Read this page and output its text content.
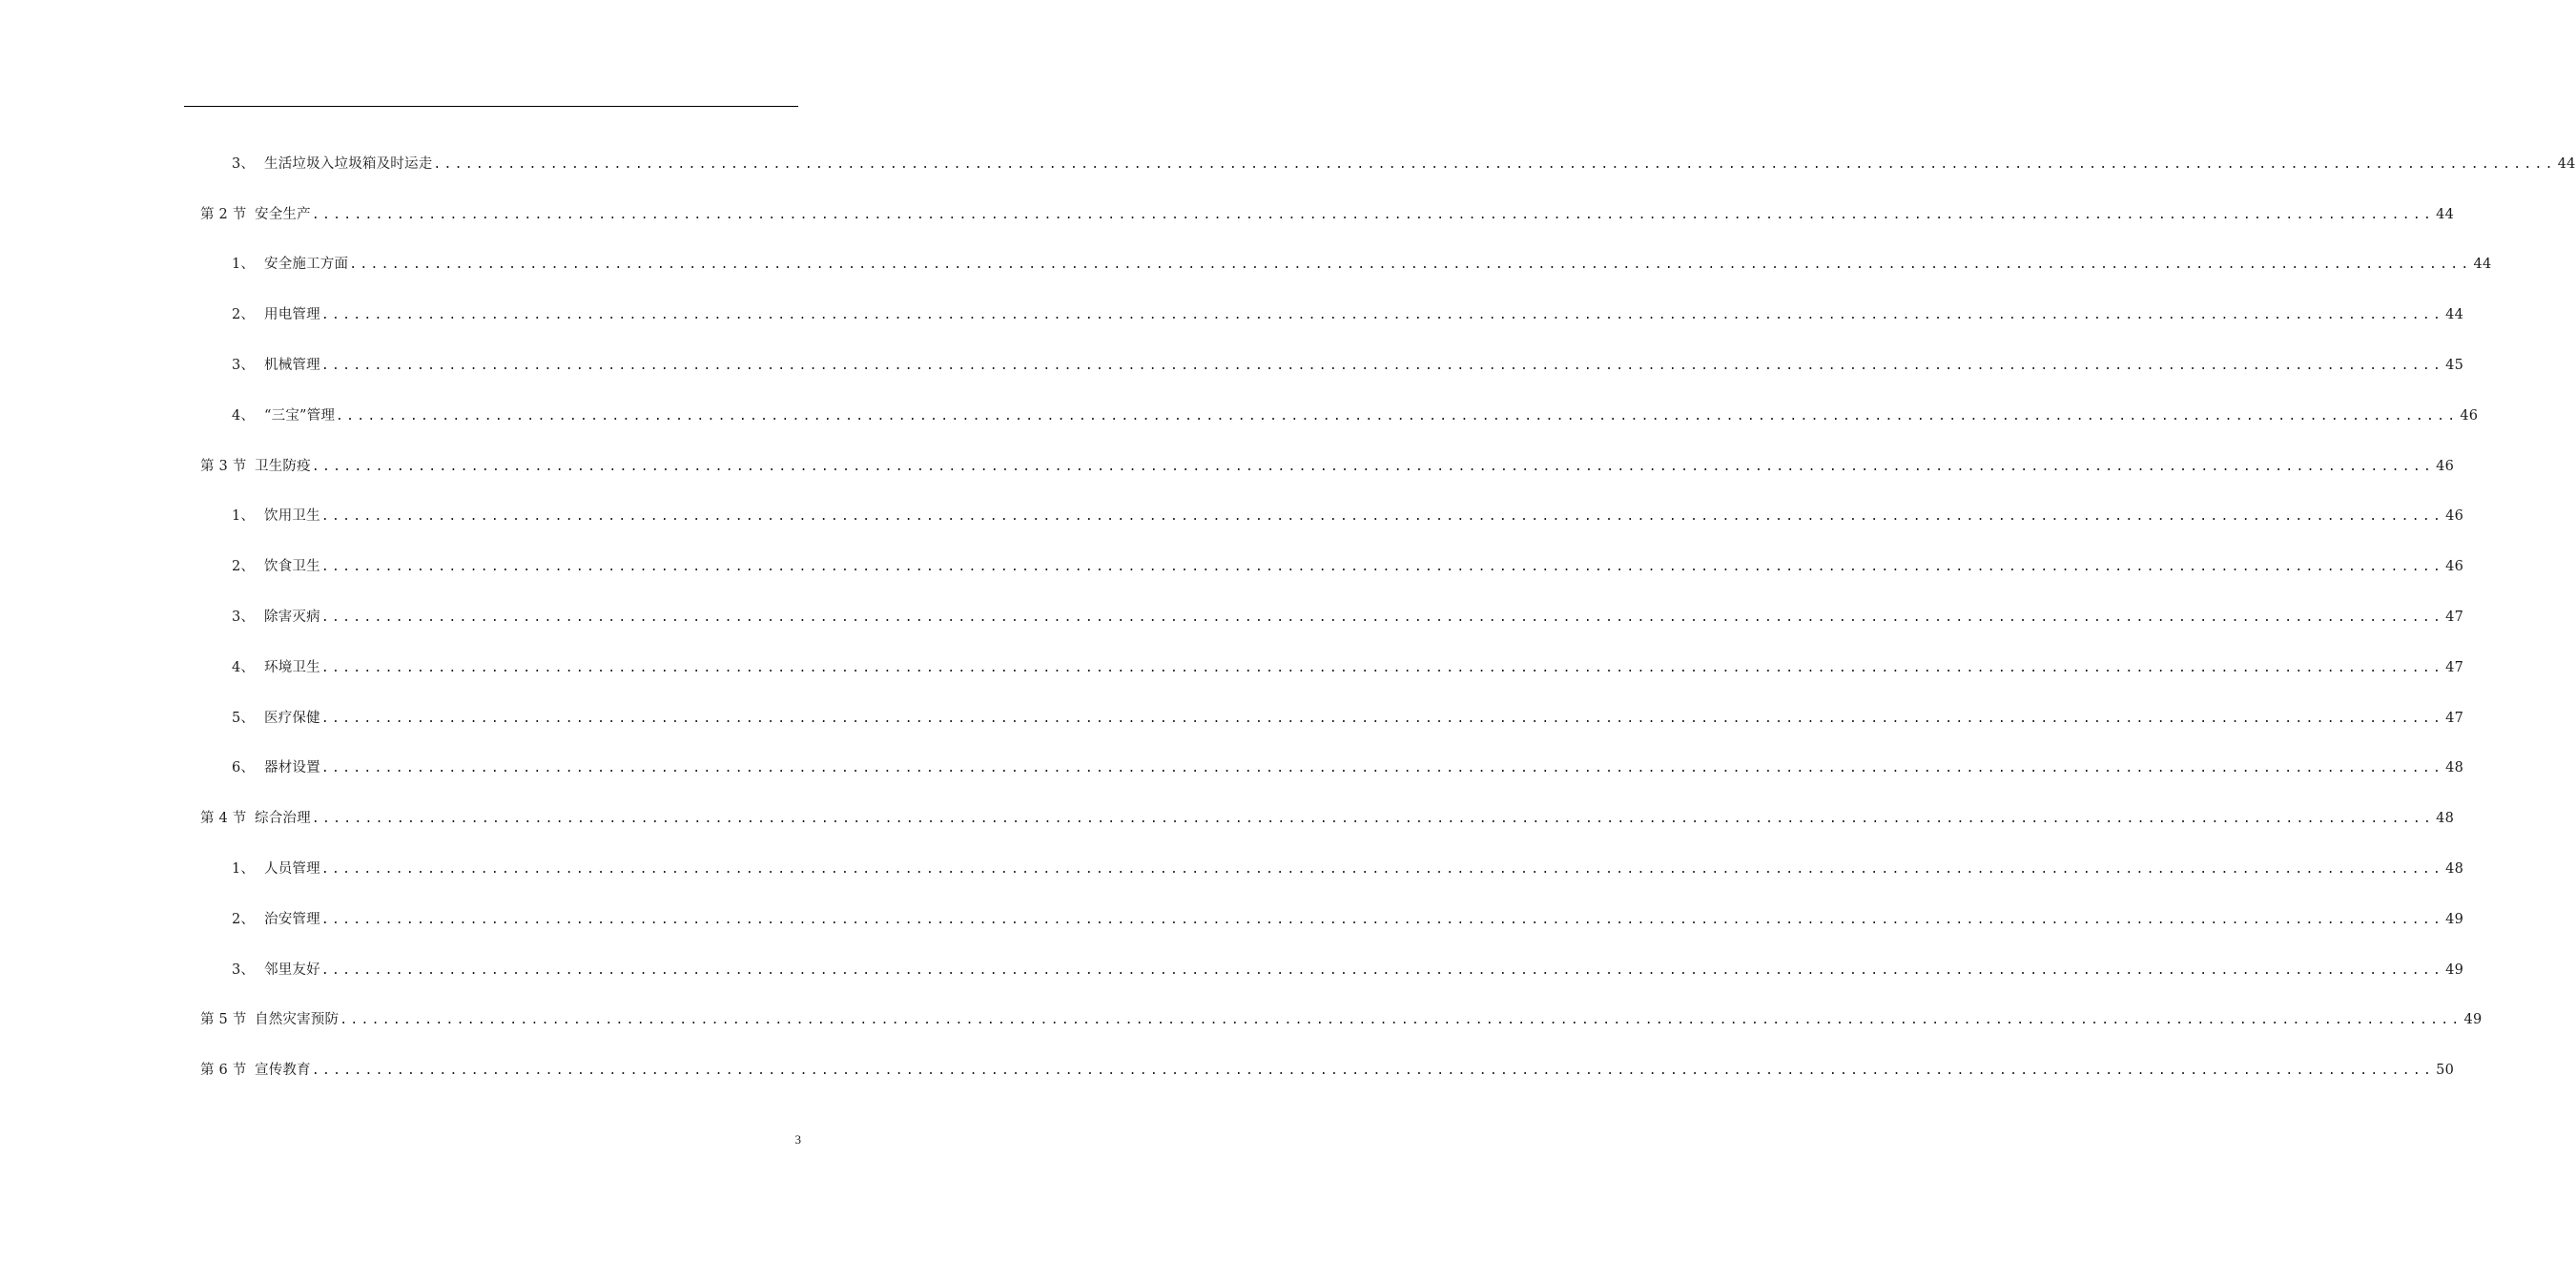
3、 生活垃圾入垃圾箱及时运走 ........................................................................................................................................................................................................ 44
第 2 节 安全生产 ........................................................................................................................................................................................................ 44
1、 安全施工方面 ........................................................................................................................................................................................................ 44
2、 用电管理 ........................................................................................................................................................................................................ 44
3、 机械管理 ........................................................................................................................................................................................................ 45
4、 “三宝”管理 ........................................................................................................................................................................................................ 46
第 3 节 卫生防疫 ........................................................................................................................................................................................................ 46
1、 饮用卫生 ........................................................................................................................................................................................................ 46
2、 饮食卫生 ........................................................................................................................................................................................................ 46
3、 除害灭病 ........................................................................................................................................................................................................ 47
4、 环境卫生 ........................................................................................................................................................................................................ 47
5、 医疗保健 ........................................................................................................................................................................................................ 47
6、 器材设置 ........................................................................................................................................................................................................ 48
第 4 节 综合治理 ........................................................................................................................................................................................................ 48
1、 人员管理 ........................................................................................................................................................................................................ 48
2、 治安管理 ........................................................................................................................................................................................................ 49
3、 邻里友好 ........................................................................................................................................................................................................ 49
第 5 节 自然灾害预防 ........................................................................................................................................................................................................ 49
第 6 节 宣传教育 ........................................................................................................................................................................................................ 50
3
